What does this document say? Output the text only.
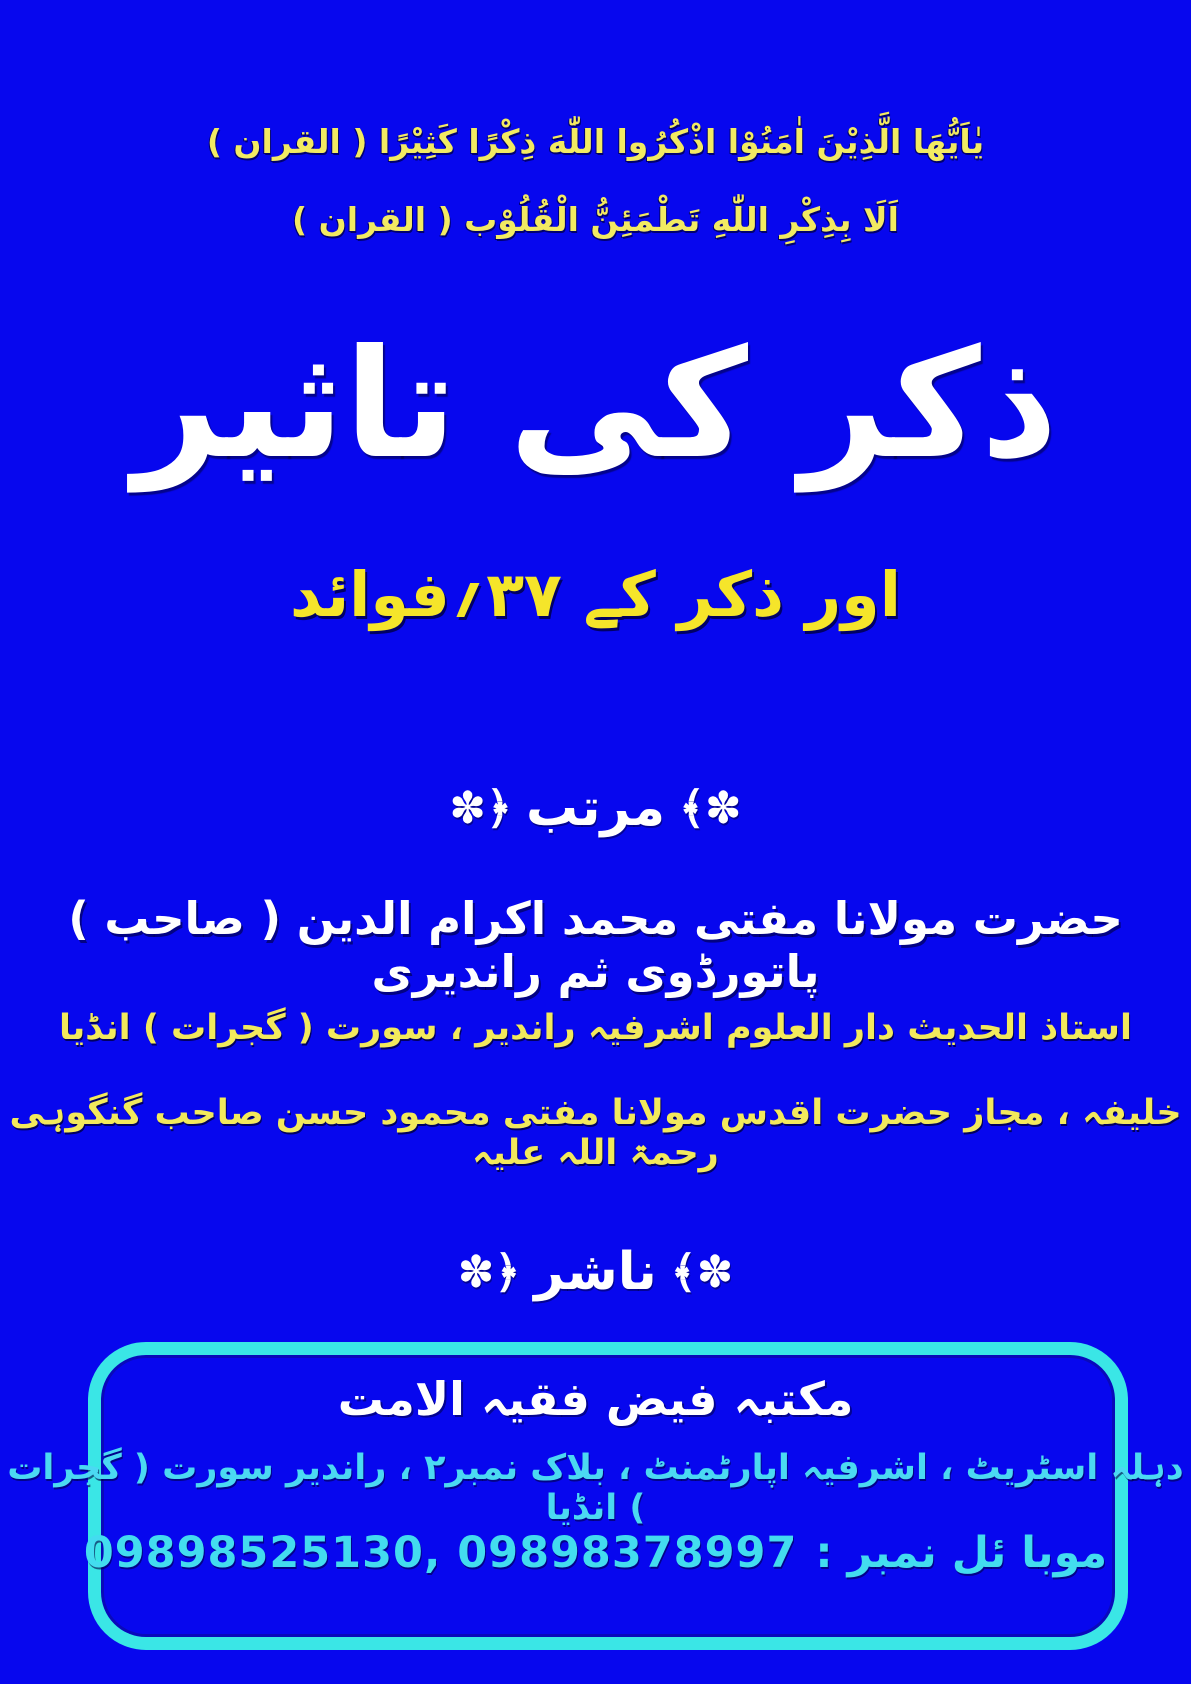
يٰاَيُّهَا الَّذِيْنَ اٰمَنُوْا اذْكُرُوا اللّٰهَ ذِكْرًا كَثِيْرًا ( القران )
اَلَا بِذِكْرِ اللّٰهِ تَطْمَئِنُّ الْقُلُوْب ( القران )
ذکر کی تاثیر
اور ذکر کے ۳۷؍فوائد
﴾✽
مرتب
✽﴿
حضرت مولانا مفتی محمد اکرام الدین ( صاحب ) پاتورڈوی ثم راندیری
استاذ الحدیث دار العلوم اشرفیہ راندیر ، سورت ( گجرات ) انڈیا
خلیفہ ، مجاز حضرت اقدس مولانا مفتی محمود حسن صاحب گنگوہی رحمۃ اللہ علیہ
﴾✽
ناشر
✽﴿
مکتبہ فیض فقیہ الامت
دہلہ اسٹریٹ ، اشرفیہ اپارٹمنٹ ، بلاک نمبر۲ ، راندیر سورت ( گجرات ) انڈیا
موبا ئل نمبر :
09898525130, 09898378997
